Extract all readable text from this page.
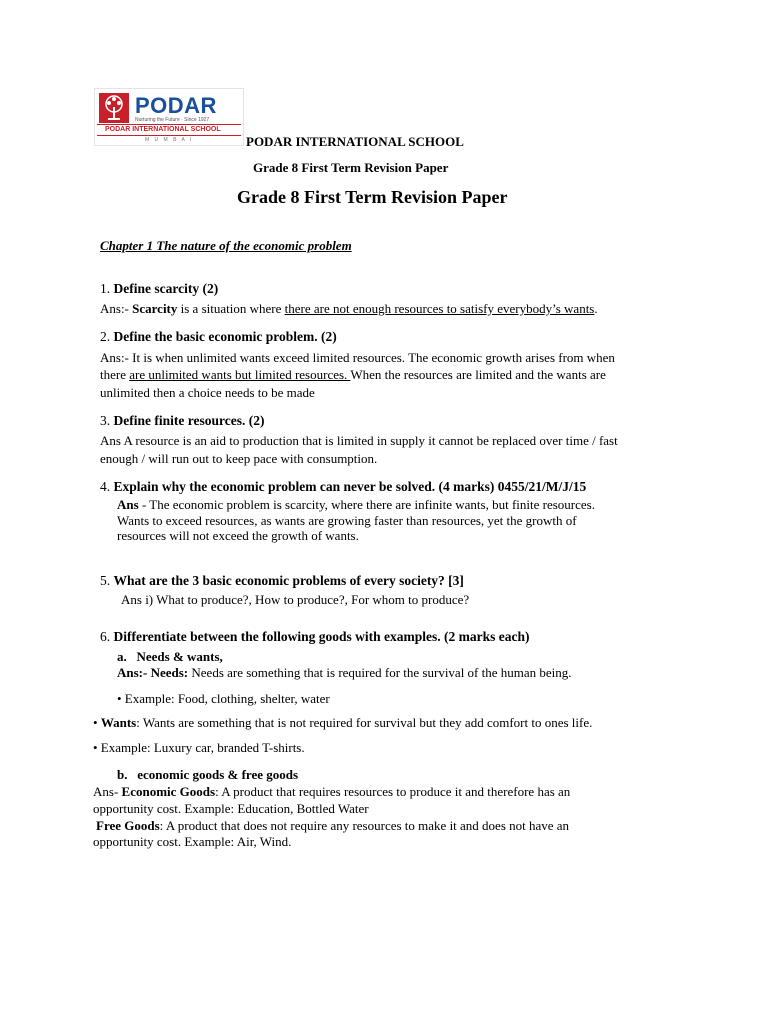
PODAR
Nurturing the Future · Since 1927
PODAR INTERNATIONAL SCHOOL
M U M B A I	PODAR INTERNATIONAL SCHOOL
Grade 8 First Term Revision Paper
Grade 8 First Term Revision Paper
Chapter 1 The nature of the economic problem
1. Define scarcity (2)
Ans:- Scarcity is a situation where there are not enough resources to satisfy everybody’s wants.
2. Define the basic economic problem. (2)
Ans:- It is when unlimited wants exceed limited resources. The economic growth arises from when
there are unlimited wants but limited resources. When the resources are limited and the wants are
unlimited then a choice needs to be made
3. Define finite resources. (2)
Ans A resource is an aid to production that is limited in supply it cannot be replaced over time / fast
enough / will run out to keep pace with consumption.
4. Explain why the economic problem can never be solved. (4 marks) 0455/21/M/J/15
Ans - The economic problem is scarcity, where there are infinite wants, but finite resources.
Wants to exceed resources, as wants are growing faster than resources, yet the growth of
resources will not exceed the growth of wants.
5. What are the 3 basic economic problems of every society? [3]
Ans i) What to produce?, How to produce?, For whom to produce?
6. Differentiate between the following goods with examples. (2 marks each)
a. Needs & wants,
Ans:- Needs: Needs are something that is required for the survival of the human being.
• Example: Food, clothing, shelter, water
• Wants: Wants are something that is not required for survival but they add comfort to ones life.
• Example: Luxury car, branded T-shirts.
b. economic goods & free goods
Ans- Economic Goods: A product that requires resources to produce it and therefore has an
opportunity cost. Example: Education, Bottled Water
Free Goods: A product that does not require any resources to make it and does not have an
opportunity cost. Example: Air, Wind.
